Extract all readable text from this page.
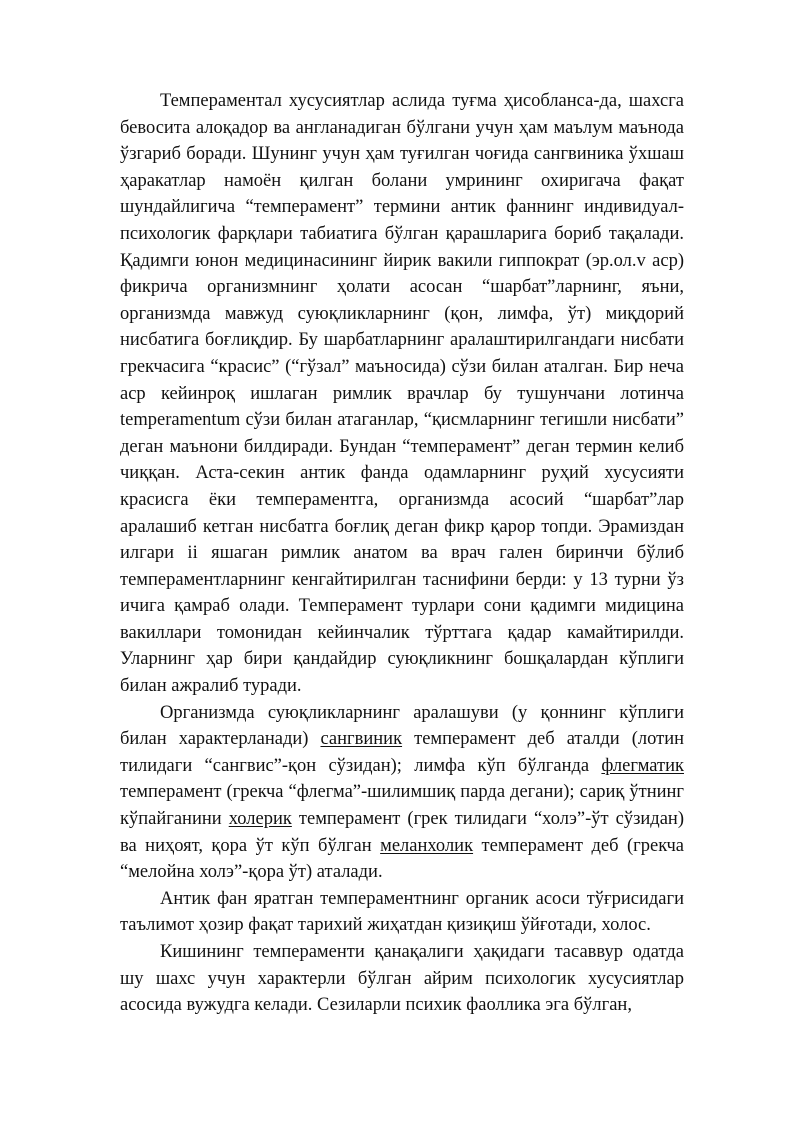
Темпераментал хусусиятлар аслида туғма ҳисобланса-да, шахсга бевосита алоқадор ва англанадиган бўлгани учун ҳам маълум маънода ўзгариб боради. Шунинг учун ҳам туғилган чоғида сангвиника ўхшаш ҳаракатлар намоён қилган болани умрининг охиригача фақат шундайлигича “темперамент” термини антик фаннинг индивидуал-психологик фарқлари табиатига бўлган қарашларига бориб тақалади. Қадимги юнон медицинасининг йирик вакили гиппократ (эр.ол.v аср) фикрича организмнинг ҳолати асосан “шарбат”ларнинг, яъни, организмда мавжуд суюқликларнинг (қон, лимфа, ўт) миқдорий нисбатига боғлиқдир. Бу шарбатларнинг аралаштирилгандаги нисбати грекчасига “красис” (“гўзал” маъносида) сўзи билан аталган. Бир неча аср кейинроқ ишлаган римлик врачлар бу тушунчани лотинча temperamentum сўзи билан атаганлар, “қисмларнинг тегишли нисбати” деган маънони билдиради. Бундан “темперамент” деган термин келиб чиққан. Аста-секин антик фанда одамларнинг руҳий хусусияти красисга ёки темпераментга, организмда асосий “шарбат”лар аралашиб кетган нисбатга боғлиқ деган фикр қарор топди. Эрамиздан илгари ii яшаган римлик анатом ва врач гален биринчи бўлиб темпераментларнинг кенгайтирилган таснифини берди: у 13 турни ўз ичига қамраб олади. Темперамент турлари сони қадимги мидицина вакиллари томонидан кейинчалик тўрттага қадар камайтирилди. Уларнинг ҳар бири қандайдир суюқликнинг бошқалардан кўплиги билан ажралиб туради.

Организмда суюқликларнинг аралашуви (у қоннинг кўплиги билан характерланади) сангвиник темперамент деб аталди (лотин тилидаги “сангвис”-қон сўзидан); лимфа кўп бўлганда флегматик темперамент (грекча “флегма”-шилимшиқ парда дегани); сариқ ўтнинг кўпайганини холерик темперамент (грек тилидаги “холэ”-ўт сўзидан) ва ниҳоят, қора ўт кўп бўлган меланхолик темперамент деб (грекча “мелойна холэ”-қора ўт) аталади.

Антик фан яратган темпераментнинг органик асоси тўғрисидаги таълимот ҳозир фақат тарихий жиҳатдан қизиқиш ўйғотади, холос.

Кишининг темпераменти қанақалиги ҳақидаги тасаввур одатда шу шахс учун характерли бўлган айрим психологик хусусиятлар асосида вужудга келади. Сезиларли психик фаоллика эга бўлган,
